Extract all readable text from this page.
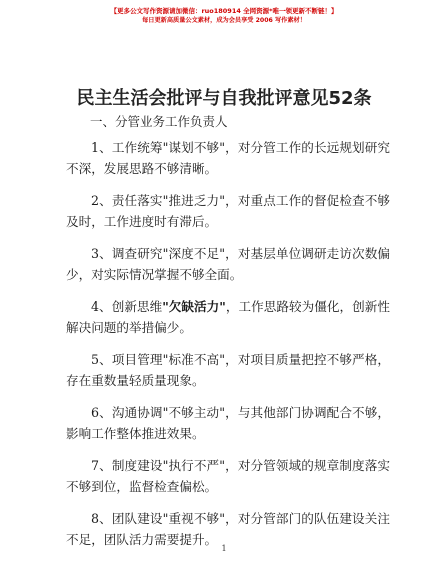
【更多公文写作资源请加微信：ruo180914 全网资源*唯一领更新不断链！】
每日更新高质量公文素材，成为会员享受 2006 写作素材！
民主生活会批评与自我批评意见52条
一、分管业务工作负责人

1、工作统筹"谋划不够"，对分管工作的长远规划研究不深，发展思路不够清晰。

2、责任落实"推进乏力"，对重点工作的督促检查不够及时，工作进度时有滞后。

3、调查研究"深度不足"，对基层单位调研走访次数偏少，对实际情况掌握不够全面。

4、创新思维"欠缺活力"，工作思路较为僵化，创新性解决问题的举措偏少。

5、项目管理"标准不高"，对项目质量把控不够严格，存在重数量轻质量现象。

6、沟通协调"不够主动"，与其他部门协调配合不够，影响工作整体推进效果。

7、制度建设"执行不严"，对分管领域的规章制度落实不够到位，监督检查偏松。

8、团队建设"重视不够"，对分管部门的队伍建设关注不足，团队活力需要提升。

1
